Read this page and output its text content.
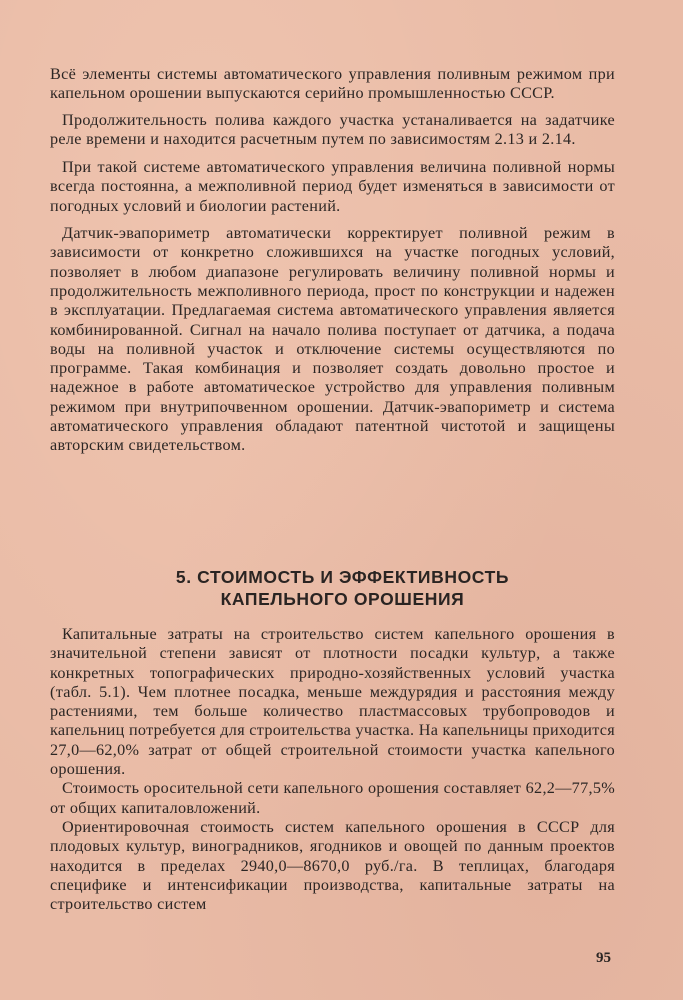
Всё элементы системы автоматического управления поливным режимом при капельном орошении выпускаются серийно промышленностью СССР.

Продолжительность полива каждого участка устаналивается на задатчике реле времени и находится расчетным путем по зависимостям 2.13 и 2.14.

При такой системе автоматического управления величина поливной нормы всегда постоянна, а межполивной период будет изменяться в зависимости от погодных условий и биологии растений.

Датчик-эвапориметр автоматически корректирует поливной режим в зависимости от конкретно сложившихся на участке погодных условий, позволяет в любом диапазоне регулировать величину поливной нормы и продолжительность межполивного периода, прост по конструкции и надежен в эксплуатации. Предлагаемая система автоматического управления является комбинированной. Сигнал на начало полива поступает от датчика, а подача воды на поливной участок и отключение системы осуществляются по программе. Такая комбинация и позволяет создать довольно простое и надежное в работе автоматическое устройство для управления поливным режимом при внутрипочвенном орошении. Датчик-эвапориметр и система автоматического управления обладают патентной чистотой и защищены авторским свидетельством.

5. СТОИМОСТЬ И ЭФФЕКТИВНОСТЬ
КАПЕЛЬНОГО ОРОШЕНИЯ

Капитальные затраты на строительство систем капельного орошения в значительной степени зависят от плотности посадки культур, а также конкретных топографических природно-хозяйственных условий участка (табл. 5.1). Чем плотнее посадка, меньше междурядия и расстояния между растениями, тем больше количество пластмассовых трубопроводов и капельниц потребуется для строительства участка. На капельницы приходится 27,0—62,0% затрат от общей строительной стоимости участка капельного орошения.

Стоимость оросительной сети капельного орошения составляет 62,2—77,5% от общих капиталовложений.

Ориентировочная стоимость систем капельного орошения в СССР для плодовых культур, виноградников, ягодников и овощей по данным проектов находится в пределах 2940,0—8670,0 руб./га. В теплицах, благодаря специфике и интенсификации производства, капитальные затраты на строительство систем

95
